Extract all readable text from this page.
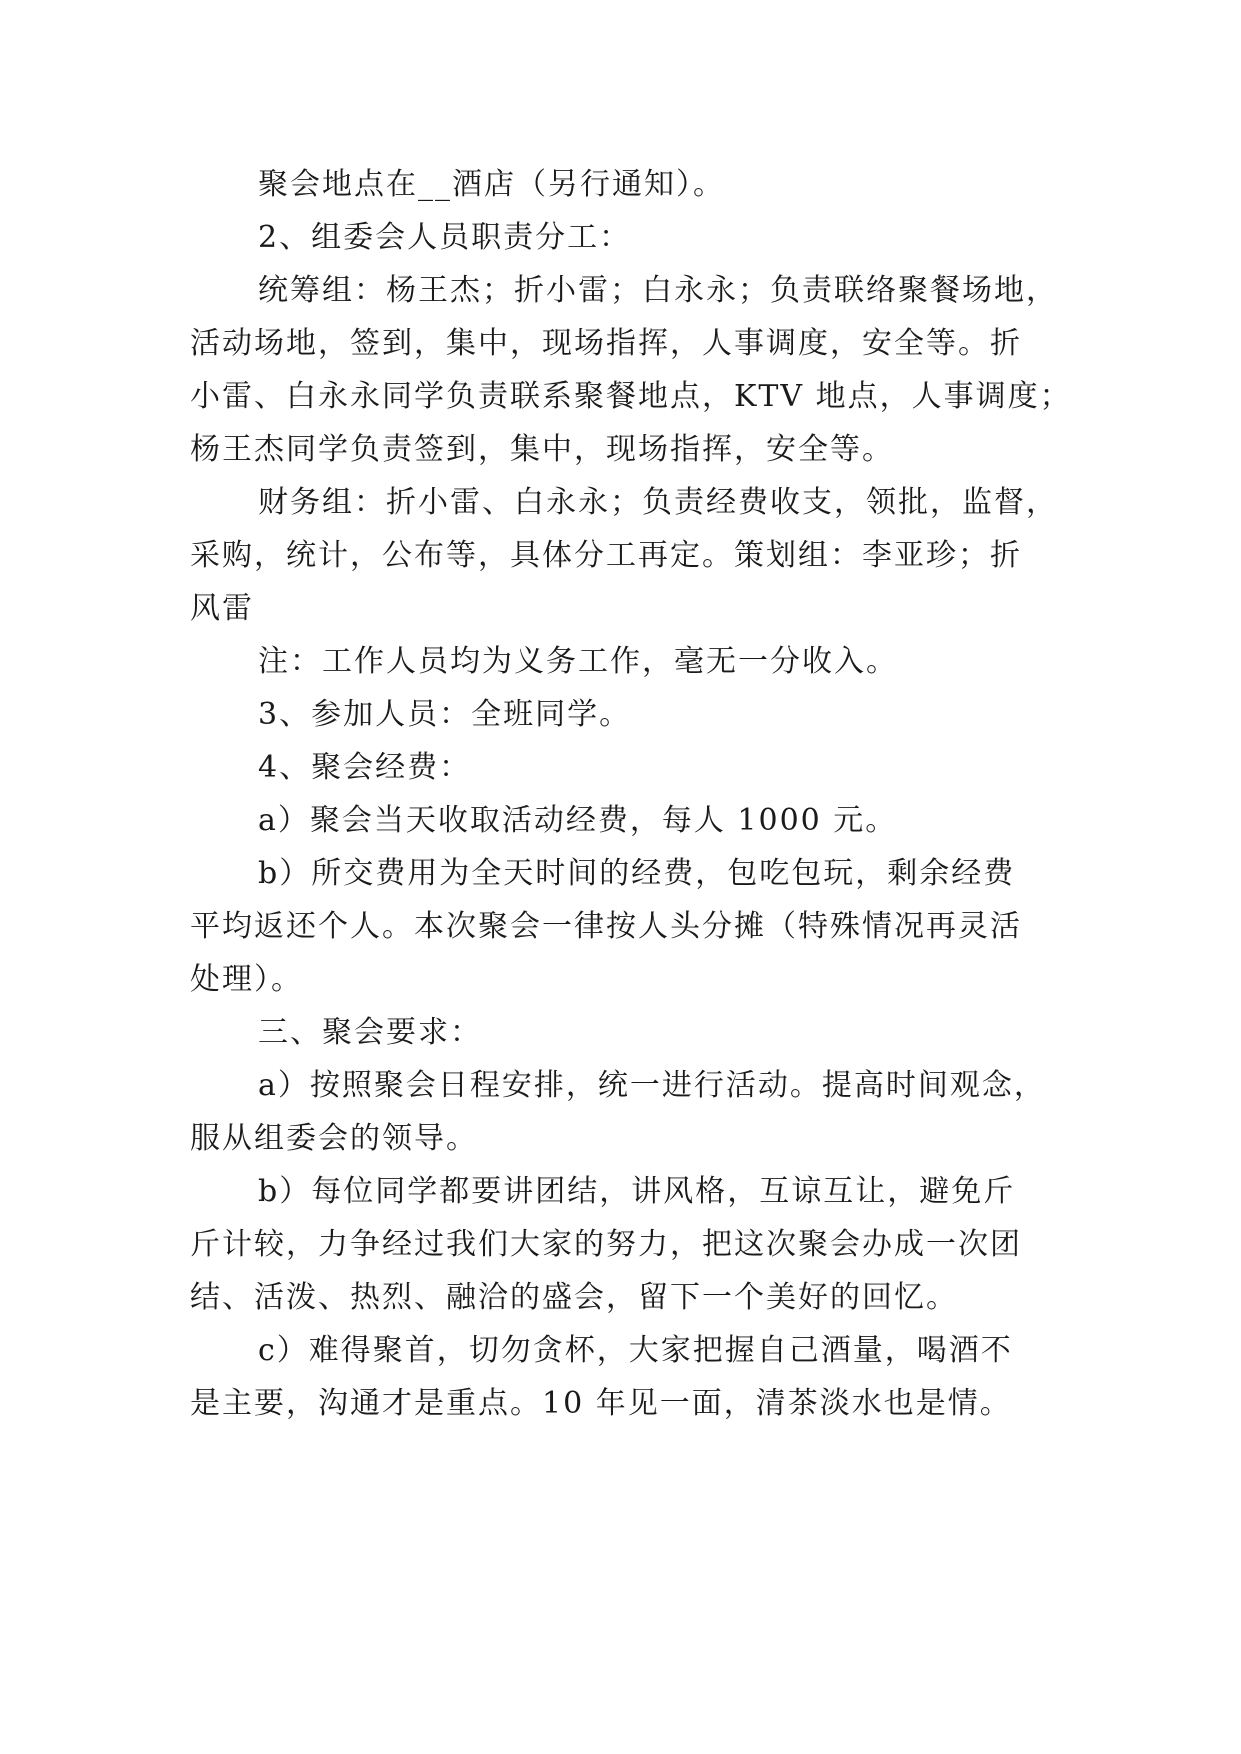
聚会地点在__酒店（另行通知）。
2、组委会人员职责分工：
统筹组：杨王杰；折小雷；白永永；负责联络聚餐场地，
活动场地，签到，集中，现场指挥，人事调度，安全等。折
小雷、白永永同学负责联系聚餐地点，KTV 地点，人事调度；
杨王杰同学负责签到，集中，现场指挥，安全等。
财务组：折小雷、白永永；负责经费收支，领批，监督，
采购，统计，公布等，具体分工再定。策划组：李亚珍；折
风雷
注：工作人员均为义务工作，毫无一分收入。
3、参加人员：全班同学。
4、聚会经费：
a）聚会当天收取活动经费，每人 1000 元。
b）所交费用为全天时间的经费，包吃包玩，剩余经费
平均返还个人。本次聚会一律按人头分摊（特殊情况再灵活
处理）。
三、聚会要求：
a）按照聚会日程安排，统一进行活动。提高时间观念，
服从组委会的领导。
b）每位同学都要讲团结，讲风格，互谅互让，避免斤
斤计较，力争经过我们大家的努力，把这次聚会办成一次团
结、活泼、热烈、融洽的盛会，留下一个美好的回忆。
c）难得聚首，切勿贪杯，大家把握自己酒量，喝酒不
是主要，沟通才是重点。10 年见一面，清茶淡水也是情。
